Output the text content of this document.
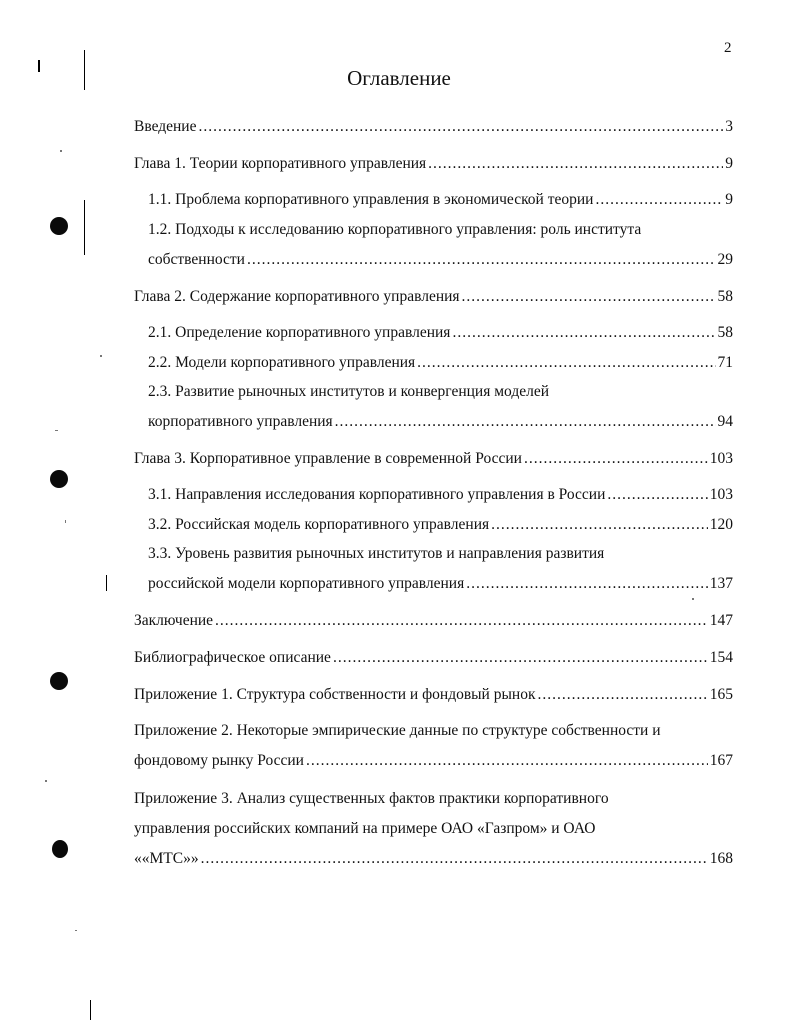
2
Оглавление
Введение .....	3
Глава 1. Теории корпоративного управления .....	9
1.1. Проблема корпоративного управления в экономической теории .....	9
1.2. Подходы к исследованию корпоративного управления: роль института
собственности .....	29
Глава 2. Содержание корпоративного управления .....	58
2.1. Определение корпоративного управления .....	58
2.2. Модели корпоративного управления .....	71
2.3. Развитие рыночных институтов и конвергенция моделей
корпоративного управления .....	94
Глава 3. Корпоративное управление в современной России .....	103
3.1. Направления исследования корпоративного управления в России .....	103
3.2. Российская модель корпоративного управления .....	120
3.3. Уровень развития рыночных институтов и направления развития
российской модели корпоративного управления .....	137
Заключение .....	147
Библиографическое описание .....	154
Приложение 1. Структура собственности и фондовый рынок .....	165
Приложение 2. Некоторые эмпирические данные по структуре собственности и
фондовому рынку России .....	167
Приложение 3. Анализ существенных фактов практики корпоративного
управления российских компаний на примере ОАО «Газпром» и ОАО
««МТС»» .....	168
